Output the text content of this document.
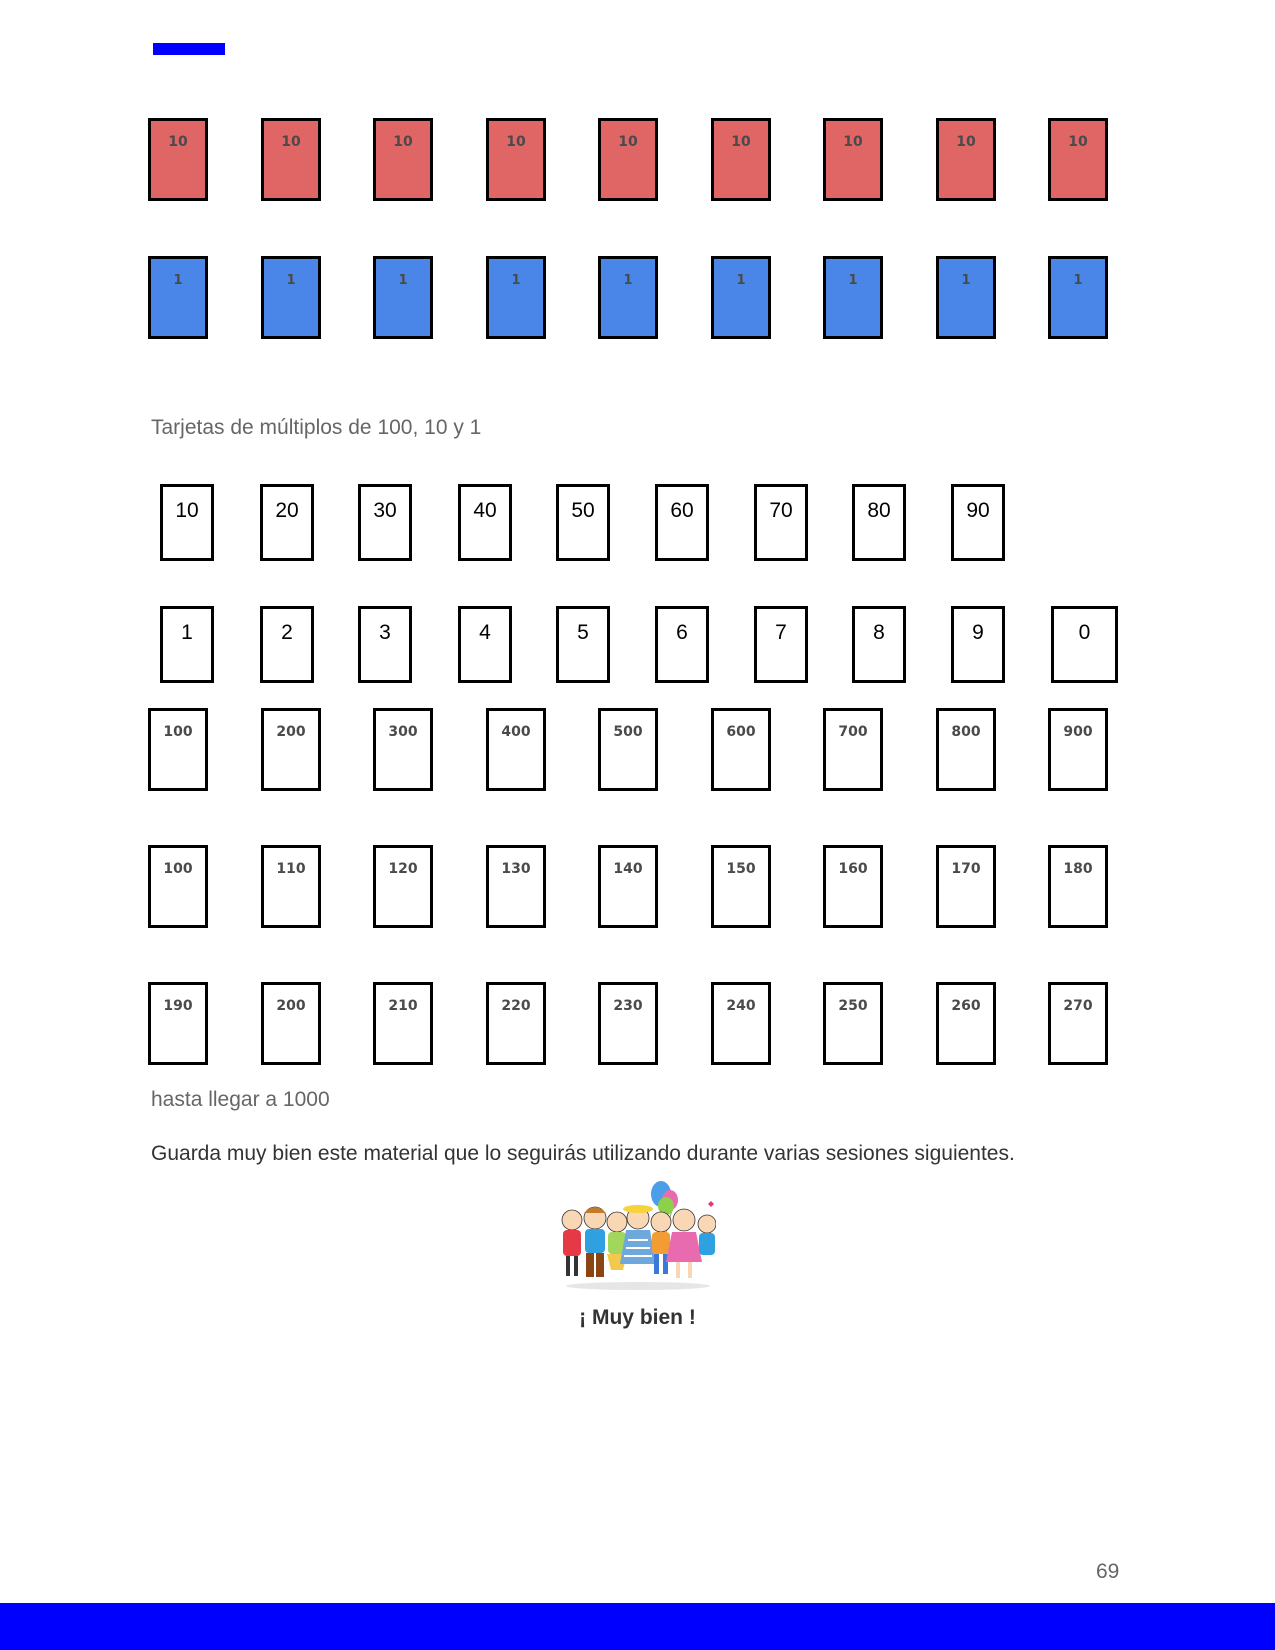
10	10	10	10	10	10	10	10	10
1	1	1	1	1	1	1	1	1
Tarjetas de múltiplos de 100, 10 y 1
10	20	30	40	50	60	70	80	90
1	2	3	4	5	6	7	8	9	0
100	200	300	400	500	600	700	800	900
100	110	120	130	140	150	160	170	180
190	200	210	220	230	240	250	260	270
hasta llegar a 1000
Guarda muy bien este material que lo seguirás utilizando durante varias sesiones siguientes.
¡ Muy bien !
69
